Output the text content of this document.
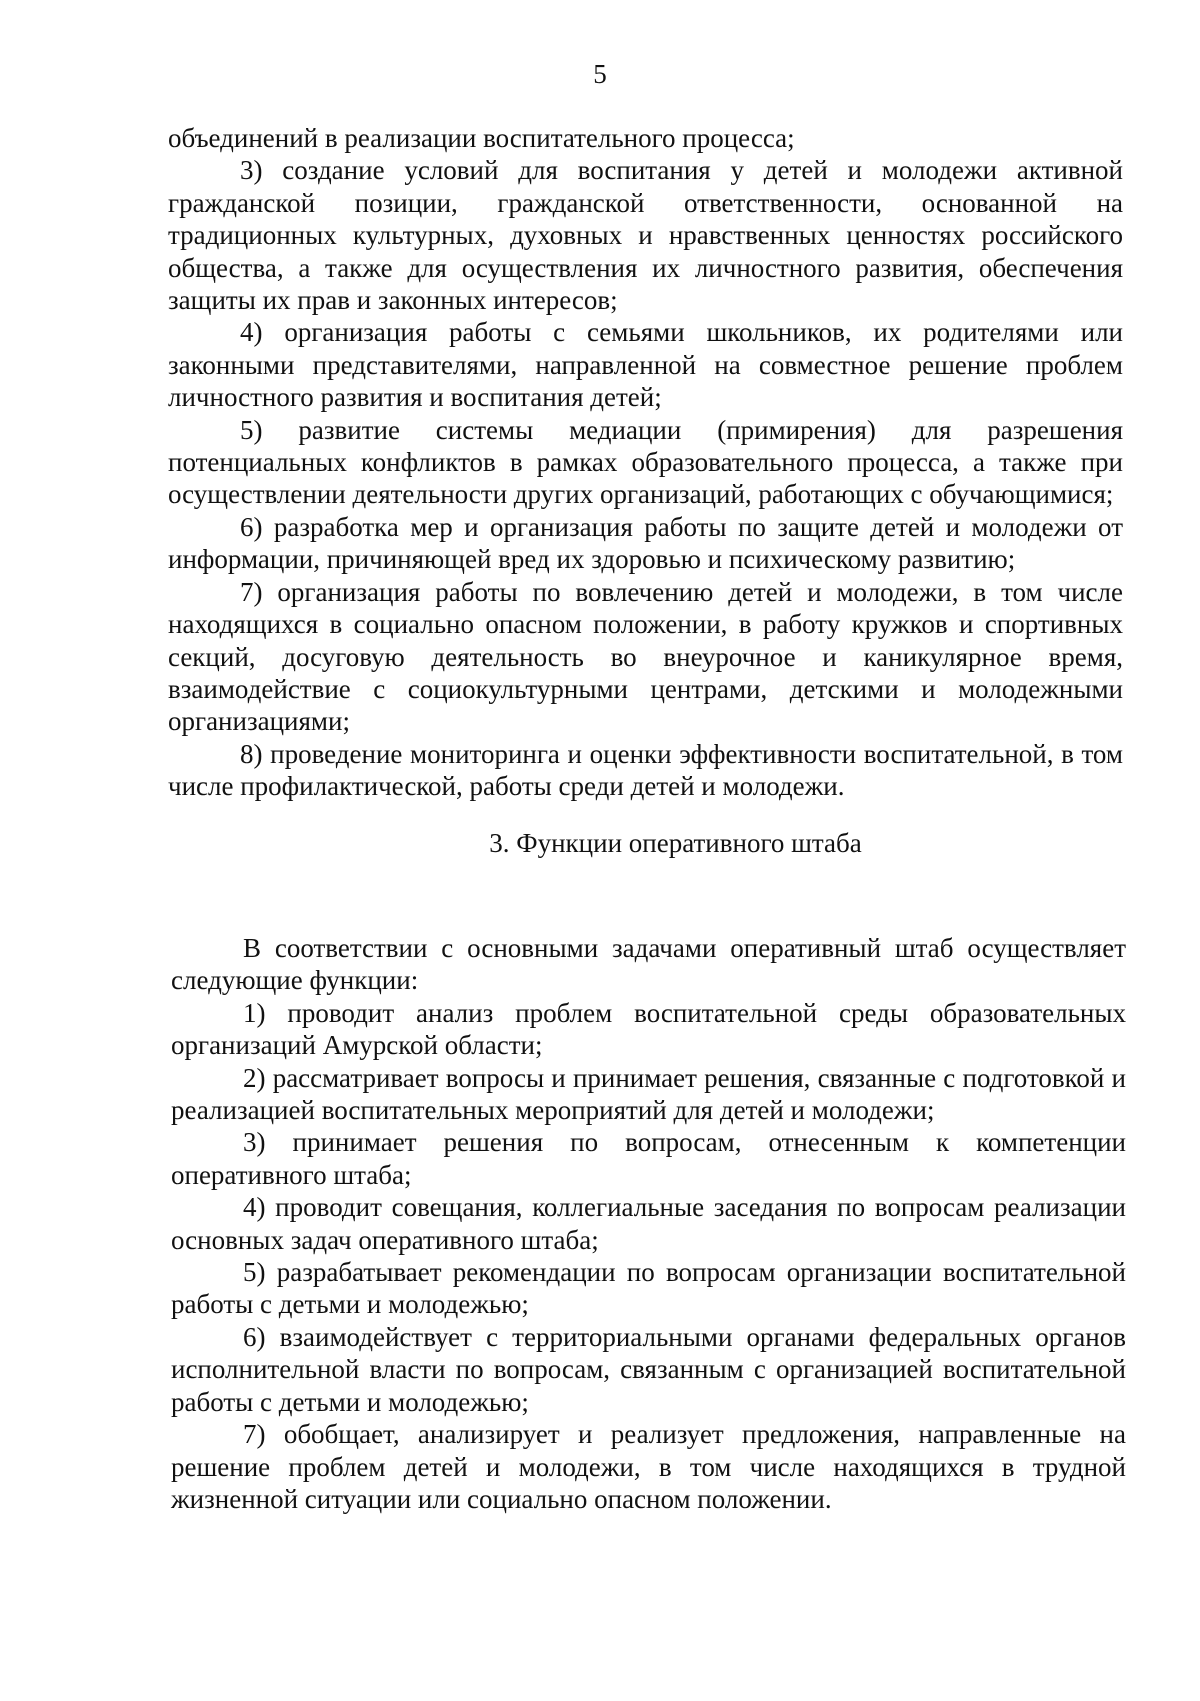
5

объединений в реализации воспитательного процесса;

3) создание условий для воспитания у детей и молодежи активной гражданской позиции, гражданской ответственности, основанной на традиционных культурных, духовных и нравственных ценностях российского общества, а также для осуществления их личностного развития, обеспечения защиты их прав и законных интересов;

4) организация работы с семьями школьников, их родителями или законными представителями, направленной на совместное решение проблем личностного развития и воспитания детей;

5) развитие системы медиации (примирения) для разрешения потенциальных конфликтов в рамках образовательного процесса, а также при осуществлении деятельности других организаций, работающих с обучающимися;

6) разработка мер и организация работы по защите детей и молодежи от информации, причиняющей вред их здоровью и психическому развитию;

7) организация работы по вовлечению детей и молодежи, в том числе находящихся в социально опасном положении, в работу кружков и спортивных секций, досуговую деятельность во внеурочное и каникулярное время, взаимодействие с социокультурными центрами, детскими и молодежными организациями;

8) проведение мониторинга и оценки эффективности воспитательной, в том числе профилактической, работы среди детей и молодежи.

3. Функции оперативного штаба

В соответствии с основными задачами оперативный штаб осуществляет следующие функции:

1) проводит анализ проблем воспитательной среды образовательных организаций Амурской области;

2) рассматривает вопросы и принимает решения, связанные с подготовкой и реализацией воспитательных мероприятий для детей и молодежи;

3) принимает решения по вопросам, отнесенным к компетенции оперативного штаба;

4) проводит совещания, коллегиальные заседания по вопросам реализации основных задач оперативного штаба;

5) разрабатывает рекомендации по вопросам организации воспитательной работы с детьми и молодежью;

6) взаимодействует с территориальными органами федеральных органов исполнительной власти по вопросам, связанным с организацией воспитательной работы с детьми и молодежью;

7) обобщает, анализирует и реализует предложения, направленные на решение проблем детей и молодежи, в том числе находящихся в трудной жизненной ситуации или социально опасном положении.
